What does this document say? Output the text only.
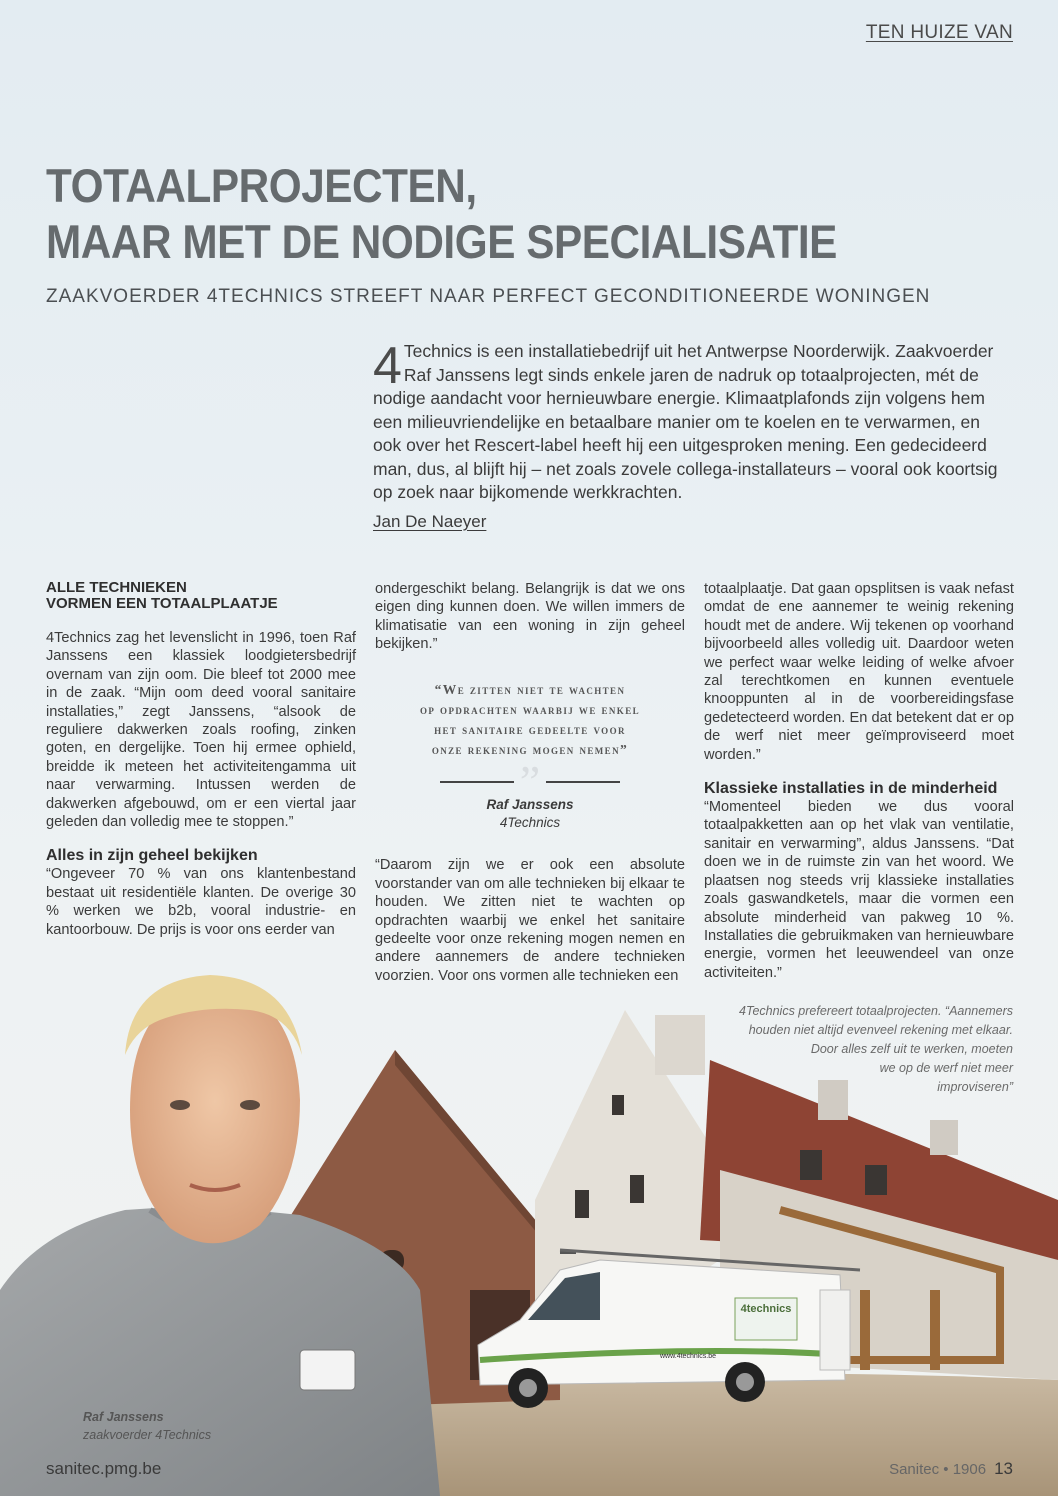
TEN HUIZE VAN
TOTAALPROJECTEN,
MAAR MET DE NODIGE SPECIALISATIE
ZAAKVOERDER 4TECHNICS STREEFT NAAR PERFECT GECONDITIONEERDE WONINGEN
4 Technics is een installatiebedrijf uit het Antwerpse Noorderwijk. Zaakvoerder Raf Janssens legt sinds enkele jaren de nadruk op totaalprojecten, mét de nodige aandacht voor hernieuwbare energie. Klimaatplafonds zijn volgens hem een milieuvriendelijke en betaalbare manier om te koelen en te verwarmen, en ook over het Rescert-label heeft hij een uitgesproken mening. Een gedecideerd man, dus, al blijft hij – net zoals zovele collega-installateurs – vooral ook koortsig op zoek naar bijkomende werkkrachten.
Jan De Naeyer
ALLE TECHNIEKEN
VORMEN EEN TOTAALPLAATJE

4Technics zag het levenslicht in 1996, toen Raf Janssens een klassiek loodgietersbedrijf overnam van zijn oom. Die bleef tot 2000 mee in de zaak. “Mijn oom deed vooral sanitaire installaties,” zegt Janssens, “alsook de reguliere dakwerken zoals roofing, zinken goten, en dergelijke. Toen hij ermee ophield, breidde ik meteen het activiteitengamma uit naar verwarming. Intussen werden de dakwerken afgebouwd, om er een viertal jaar geleden dan volledig mee te stoppen.”

Alles in zijn geheel bekijken

“Ongeveer 70 % van ons klantenbestand bestaat uit residentiële klanten. De overige 30 % werken we b2b, vooral industrie- en kantoorbouw. De prijs is voor ons eerder van

ondergeschikt belang. Belangrijk is dat we ons eigen ding kunnen doen. We willen immers de klimatisatie van een woning in zijn geheel bekijken.”

“We zitten niet te wachten
op opdrachten waarbij we enkel
het sanitaire gedeelte voor
onze rekening mogen nemen”
”
Raf Janssens
4Technics

“Daarom zijn we er ook een absolute voorstander van om alle technieken bij elkaar te houden. We zitten niet te wachten op opdrachten waarbij we enkel het sanitaire gedeelte voor onze rekening mogen nemen en andere aannemers de andere technieken voorzien. Voor ons vormen alle technieken een

totaalplaatje. Dat gaan opsplitsen is vaak nefast omdat de ene aannemer te weinig rekening houdt met de andere. Wij tekenen op voorhand bijvoorbeeld alles volledig uit. Daardoor weten we perfect waar welke leiding of welke afvoer zal terechtkomen en kunnen eventuele knooppunten al in de voorbereidingsfase gedetecteerd worden. En dat betekent dat er op de werf niet meer geïmproviseerd moet worden.”

Klassieke installaties in de minderheid

“Momenteel bieden we dus vooral totaalpakketten aan op het vlak van ventilatie, sanitair en verwarming”, aldus Janssens. “Dat doen we in de ruimste zin van het woord. We plaatsen nog steeds vrij klassieke installaties zoals gaswandketels, maar die vormen een absolute minderheid van pakweg 10 %. Installaties die gebruikmaken van hernieuwbare energie, vormen het leeuwendeel van onze activiteiten.”

4technics
www.4technics.be
4Technics prefereert totaalprojecten. “Aannemers
houden niet altijd evenveel rekening met elkaar.
Door alles zelf uit te werken, moeten
we op de werf niet meer
improviseren”
Raf Janssens
zaakvoerder 4Technics
sanitec.pmg.be	Sanitec • 1906 13
